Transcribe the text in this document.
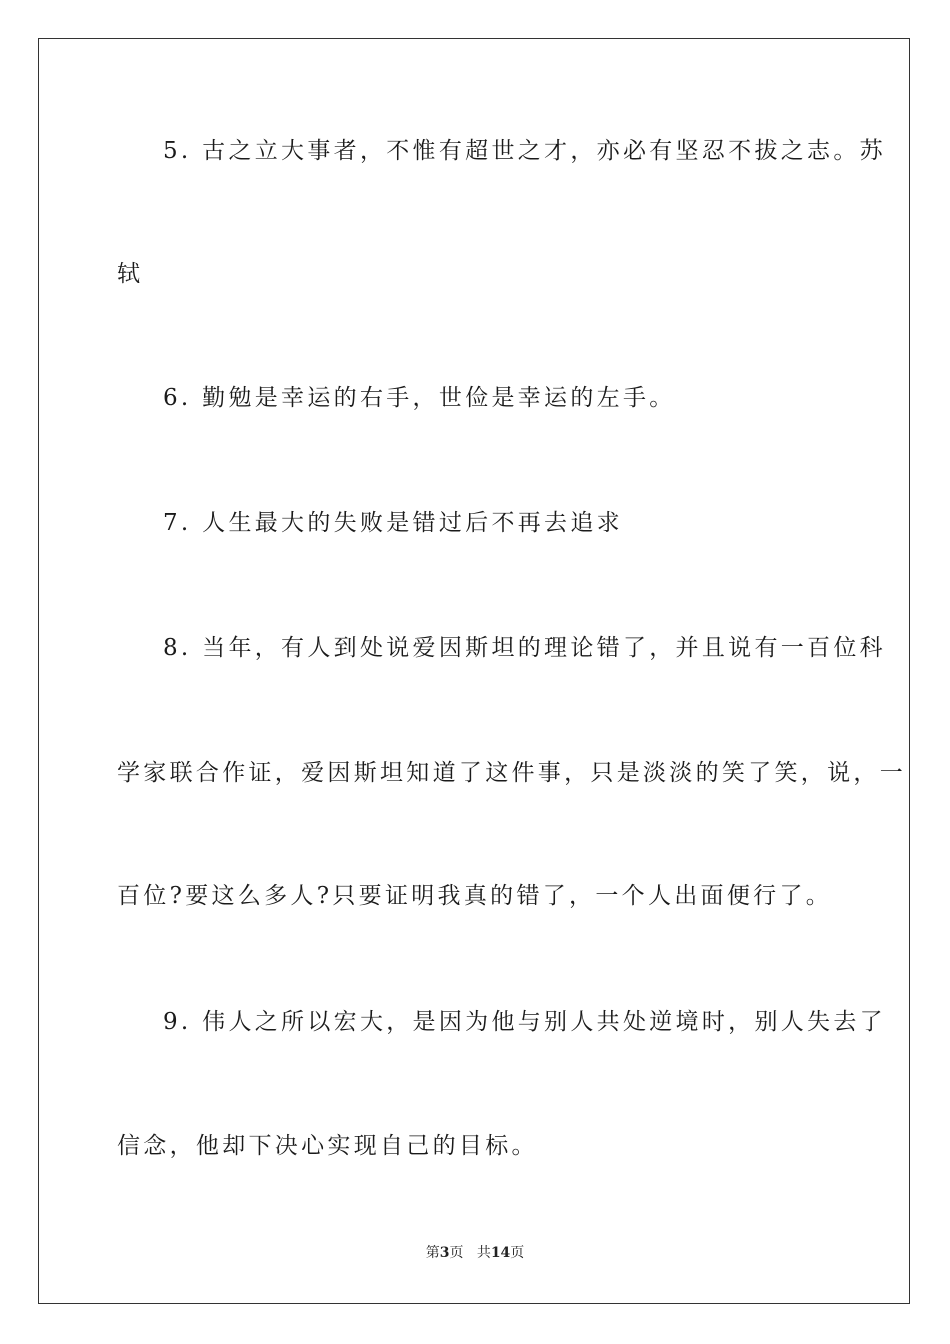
5. 古之立大事者，不惟有超世之才，亦必有坚忍不拔之志。苏
轼
6. 勤勉是幸运的右手，世俭是幸运的左手。
7. 人生最大的失败是错过后不再去追求
8. 当年，有人到处说爱因斯坦的理论错了，并且说有一百位科
学家联合作证，爱因斯坦知道了这件事，只是淡淡的笑了笑，说，一
百位?要这么多人?只要证明我真的错了，一个人出面便行了。
9. 伟人之所以宏大，是因为他与别人共处逆境时，别人失去了
信念，他却下决心实现自己的目标。
第3页 共14页
